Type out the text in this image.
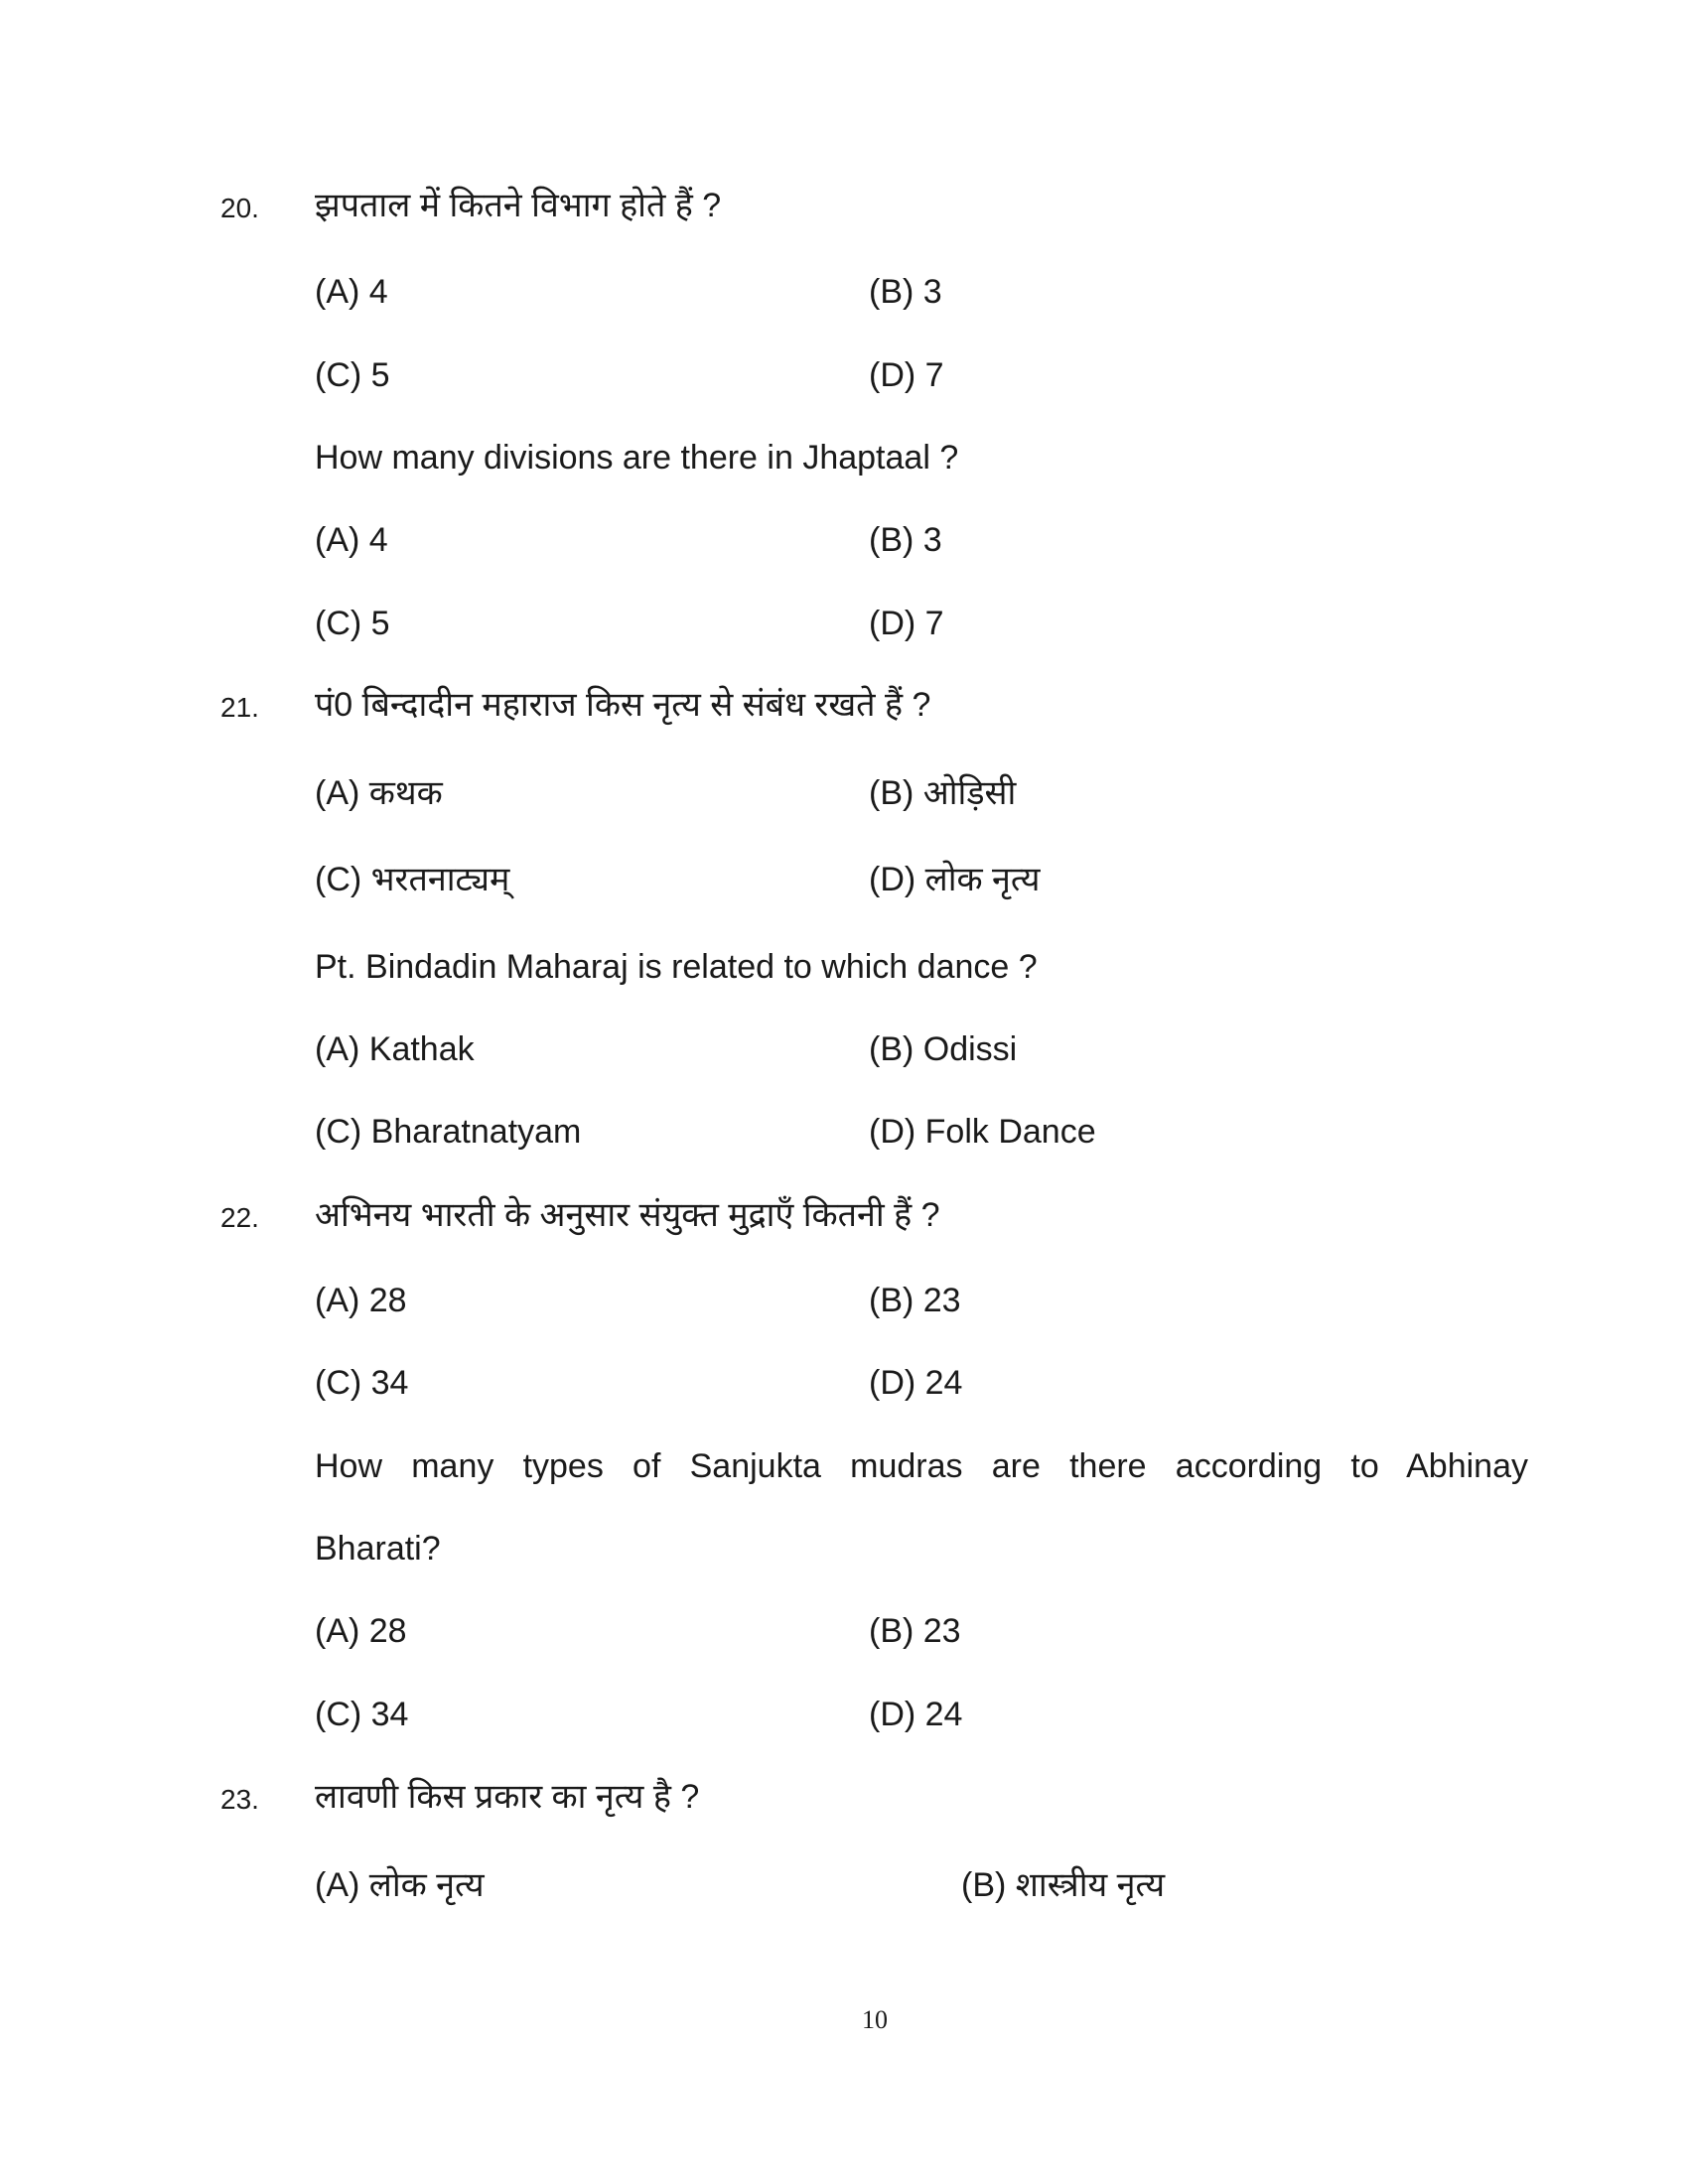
20. झपताल में कितने विभाग होते हैं ?
(A) 4	(B) 3
(C) 5	(D) 7
How many divisions are there in Jhaptaal ?
(A) 4	(B) 3
(C) 5	(D) 7
21. पं0 बिन्दादीन महाराज किस नृत्य से संबंध रखते हैं ?
(A) कथक	(B) ओड़िसी
(C) भरतनाट्यम्	(D) लोक नृत्य
Pt. Bindadin Maharaj is related to which dance ?
(A) Kathak	(B) Odissi
(C) Bharatnatyam	(D) Folk Dance
22. अभिनय भारती के अनुसार संयुक्त मुद्राएँ कितनी हैं ?
(A) 28	(B) 23
(C) 34	(D) 24
How many types of Sanjukta mudras are there according to Abhinay
Bharati?
(A) 28	(B) 23
(C) 34	(D) 24
23. लावणी किस प्रकार का नृत्य है ?
(A) लोक नृत्य	(B) शास्त्रीय नृत्य
10
